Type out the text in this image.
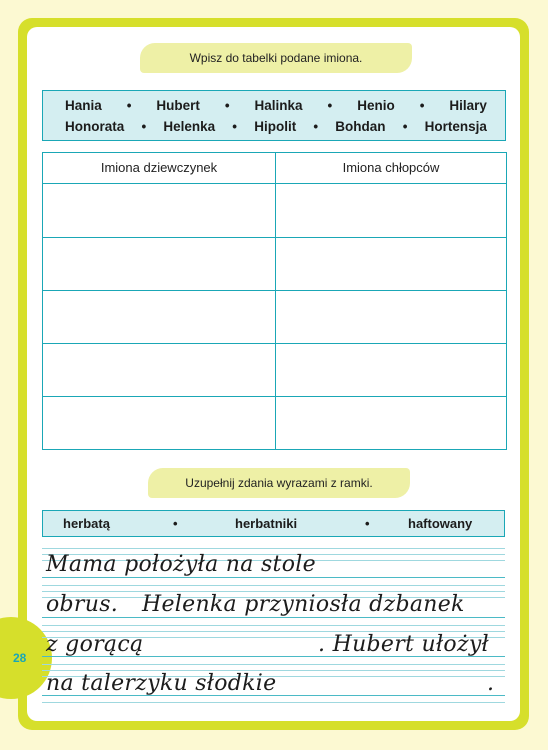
28
Wpisz do tabelki podane imiona.
Hania • Hubert • Halinka • Henio • Hilary
Honorata • Helenka • Hipolit • Bohdan • Hortensja
Imiona dziewczynek	Imiona chłopców
Uzupełnij zdania wyrazami z ramki.
herbatą	•	herbatniki	•	haftowany
Mama położyła na stole
obrus. Helenka przyniosła dzbanek
z gorącą	. Hubert ułożył
na talerzyku słodkie	.
